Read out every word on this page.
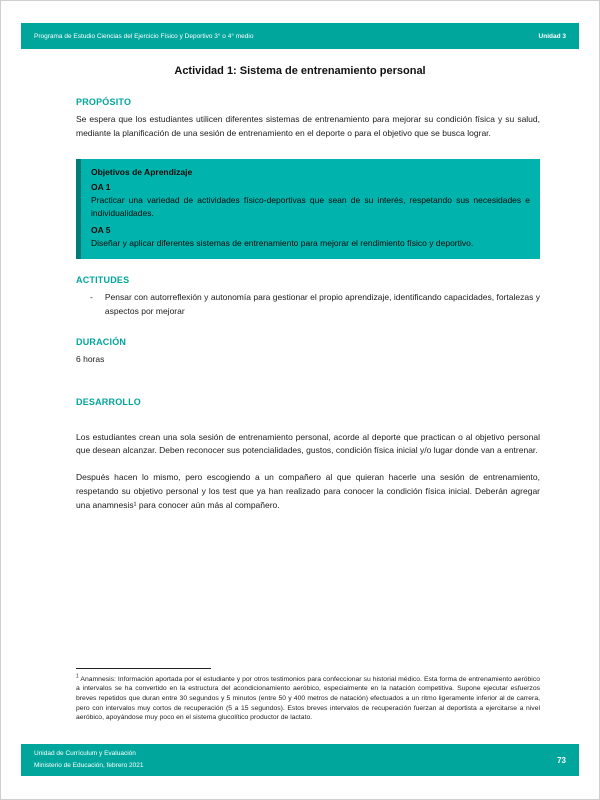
Programa de Estudio Ciencias del Ejercicio Físico y Deportivo 3° o 4° medio	Unidad 3
Actividad 1: Sistema de entrenamiento personal
PROPÓSITO

Se espera que los estudiantes utilicen diferentes sistemas de entrenamiento para mejorar su condición física y su salud, mediante la planificación de una sesión de entrenamiento en el deporte o para el objetivo que se busca lograr.

Objetivos de Aprendizaje

OA 1

Practicar una variedad de actividades físico-deportivas que sean de su interés, respetando sus necesidades e individualidades.

OA 5

Diseñar y aplicar diferentes sistemas de entrenamiento para mejorar el rendimiento físico y deportivo.

ACTITUDES
- Pensar con autorreflexión y autonomía para gestionar el propio aprendizaje, identificando capacidades, fortalezas y aspectos por mejorar

DURACIÓN

6 horas

DESARROLLO

Los estudiantes crean una sola sesión de entrenamiento personal, acorde al deporte que practican o al objetivo personal que desean alcanzar. Deben reconocer sus potencialidades, gustos, condición física inicial y/o lugar donde van a entrenar.

Después hacen lo mismo, pero escogiendo a un compañero al que quieran hacerle una sesión de entrenamiento, respetando su objetivo personal y los test que ya han realizado para conocer la condición física inicial. Deberán agregar una anamnesis¹ para conocer aún más al compañero.

$^1$ Anamnesis: Información aportada por el estudiante y por otros testimonios para confeccionar su historial médico. Esta forma de entrenamiento aeróbico a intervalos se ha convertido en la estructura del acondicionamiento aeróbico, especialmente en la natación competitiva. Supone ejecutar esfuerzos breves repetidos que duran entre 30 segundos y 5 minutos (entre 50 y 400 metros de natación) efectuados a un ritmo ligeramente inferior al de carrera, pero con intervalos muy cortos de recuperación (5 a 15 segundos). Estos breves intervalos de recuperación fuerzan al deportista a ejercitarse a nivel aeróbico, apoyándose muy poco en el sistema glucolítico productor de lactato.

Unidad de Currículum y Evaluación
Ministerio de Educación, febrero 2021
73
